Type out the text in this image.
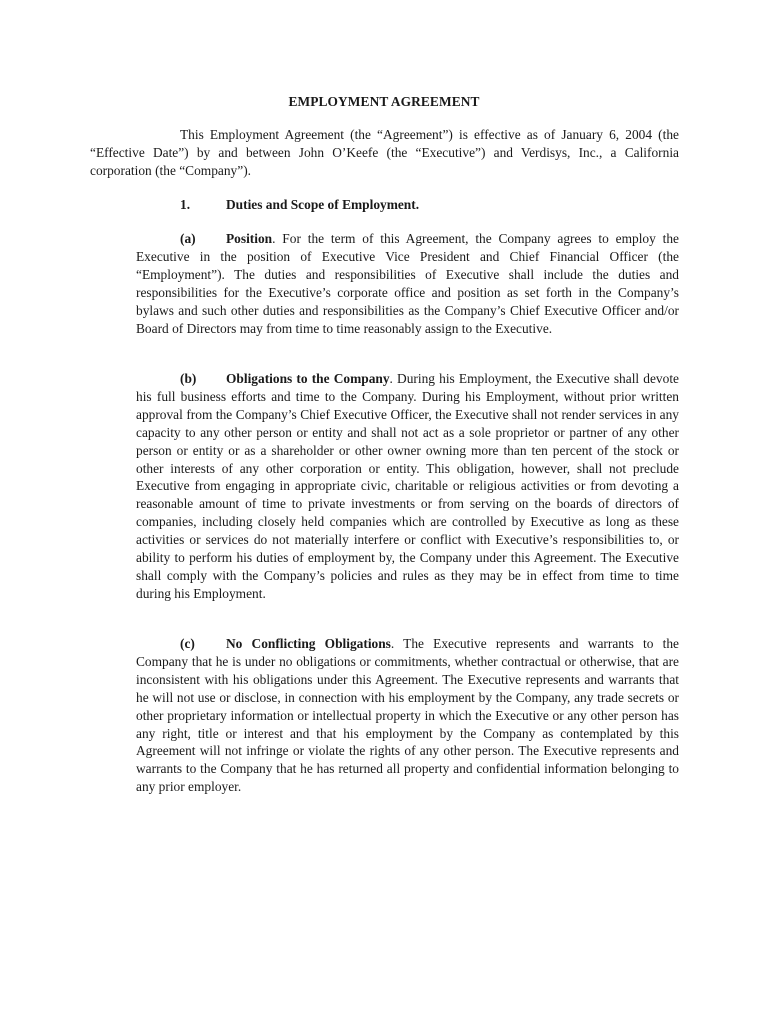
EMPLOYMENT AGREEMENT

This Employment Agreement (the “Agreement”) is effective as of January 6, 2004 (the “Effective Date”) by and between John O’Keefe (the “Executive”) and Verdisys, Inc., a California corporation (the “Company”).

1.	Duties and Scope of Employment.

(a) Position. For the term of this Agreement, the Company agrees to employ the Executive in the position of Executive Vice President and Chief Financial Officer (the “Employment”). The duties and responsibilities of Executive shall include the duties and responsibilities for the Executive’s corporate office and position as set forth in the Company’s bylaws and such other duties and responsibilities as the Company’s Chief Executive Officer and/or Board of Directors may from time to time reasonably assign to the Executive.

(b) Obligations to the Company. During his Employment, the Executive shall devote his full business efforts and time to the Company. During his Employment, without prior written approval from the Company’s Chief Executive Officer, the Executive shall not render services in any capacity to any other person or entity and shall not act as a sole proprietor or partner of any other person or entity or as a shareholder or other owner owning more than ten percent of the stock or other interests of any other corporation or entity. This obligation, however, shall not preclude Executive from engaging in appropriate civic, charitable or religious activities or from devoting a reasonable amount of time to private investments or from serving on the boards of directors of companies, including closely held companies which are controlled by Executive as long as these activities or services do not materially interfere or conflict with Executive’s responsibilities to, or ability to perform his duties of employment by, the Company under this Agreement. The Executive shall comply with the Company’s policies and rules as they may be in effect from time to time during his Employment.

(c) No Conflicting Obligations. The Executive represents and warrants to the Company that he is under no obligations or commitments, whether contractual or otherwise, that are inconsistent with his obligations under this Agreement. The Executive represents and warrants that he will not use or disclose, in connection with his employment by the Company, any trade secrets or other proprietary information or intellectual property in which the Executive or any other person has any right, title or interest and that his employment by the Company as contemplated by this Agreement will not infringe or violate the rights of any other person. The Executive represents and warrants to the Company that he has returned all property and confidential information belonging to any prior employer.
